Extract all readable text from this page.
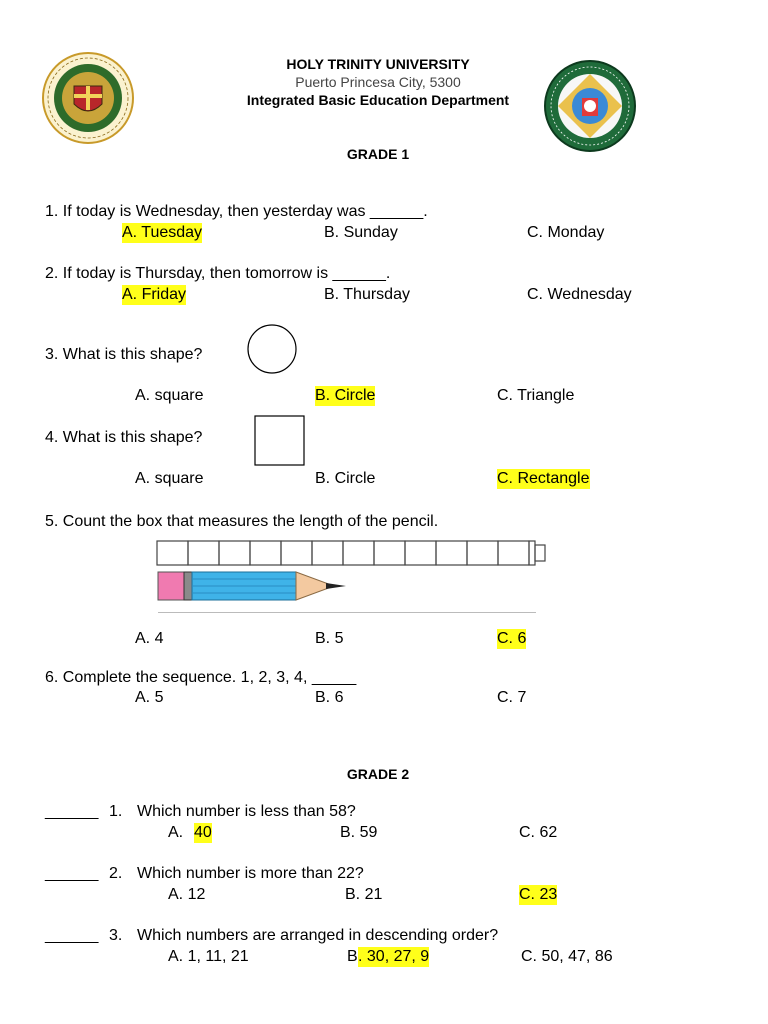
HOLY TRINITY UNIVERSITY
Puerto Princesa City, 5300
Integrated Basic Education Department
GRADE 1
1. If today is Wednesday, then yesterday was ______.
A. Tuesday	B. Sunday	C. Monday
2. If today is Thursday, then tomorrow is ______.
A. Friday	B. Thursday	C. Wednesday
3. What is this shape?
A. square	B. Circle	C. Triangle
4. What is this shape?
A. square	B. Circle	C. Rectangle
5. Count the box that measures the length of the pencil.
A. 4	B. 5	C. 6
6. Complete the sequence. 1, 2, 3, 4, _____
A. 5	B. 6	C. 7
GRADE 2
______ 1. Which number is less than 58?
A. 40	B. 59	C. 62
______ 2. Which number is more than 22?
A. 12	B. 21	C. 23
______ 3. Which numbers are arranged in descending order?
A. 1, 11, 21	B . 30, 27, 9	C. 50, 47, 86
